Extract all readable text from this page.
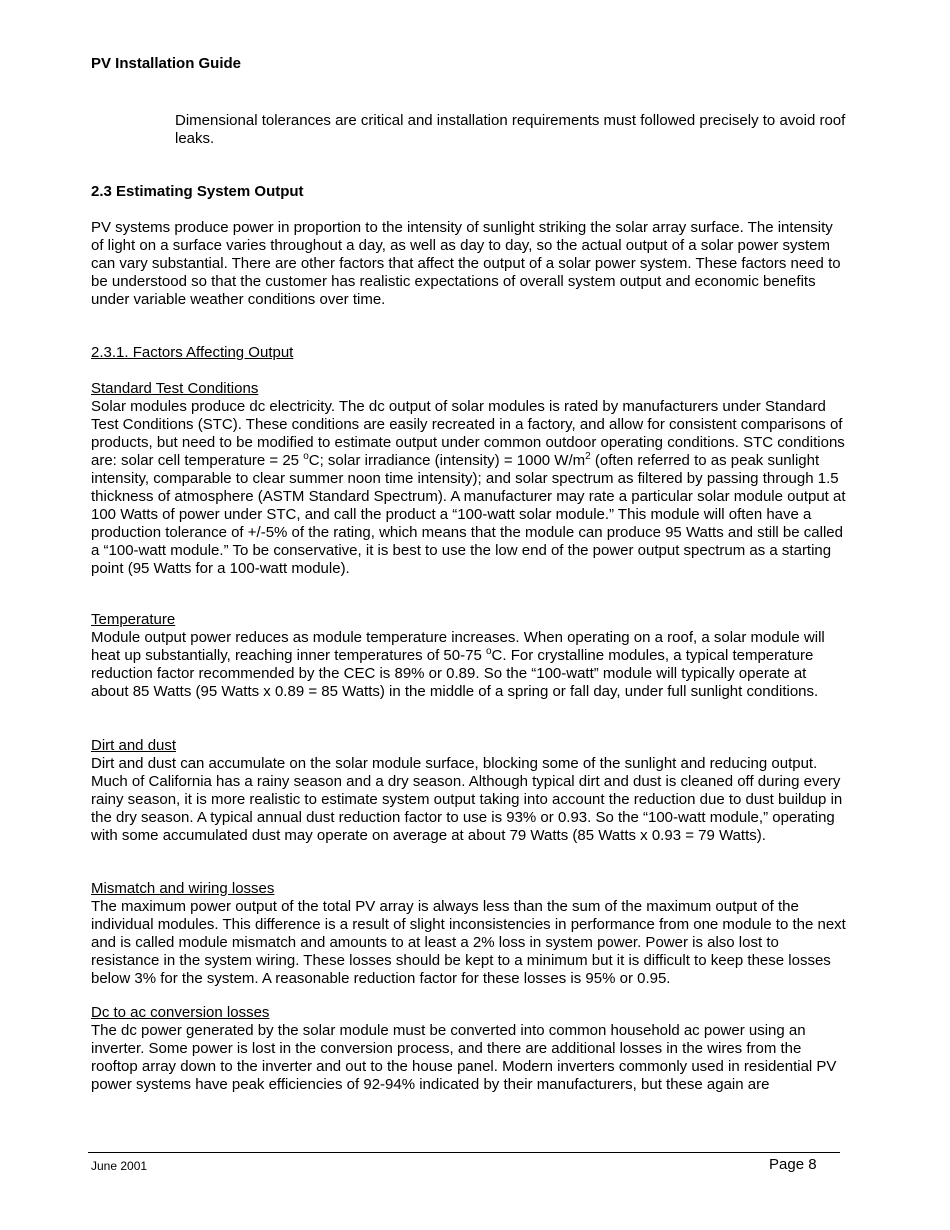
PV Installation Guide
Dimensional tolerances are critical and installation requirements must followed precisely to avoid roof leaks.
2.3 Estimating System Output

PV systems produce power in proportion to the intensity of sunlight striking the solar array surface. The intensity of light on a surface varies throughout a day, as well as day to day, so the actual output of a solar power system can vary substantial. There are other factors that affect the output of a solar power system. These factors need to be understood so that the customer has realistic expectations of overall system output and economic benefits under variable weather conditions over time.

2.3.1. Factors Affecting Output
Standard Test Conditions
Solar modules produce dc electricity. The dc output of solar modules is rated by manufacturers under Standard Test Conditions (STC). These conditions are easily recreated in a factory, and allow for consistent comparisons of products, but need to be modified to estimate output under common outdoor operating conditions. STC conditions are: solar cell temperature = 25 $^o$C; solar irradiance (intensity) = 1000 $W/m^2$ (often referred to as peak sunlight intensity, comparable to clear summer noon time intensity); and solar spectrum as filtered by passing through 1.5 thickness of atmosphere (ASTM Standard Spectrum). A manufacturer may rate a particular solar module output at 100 Watts of power under STC, and call the product a “100-watt solar module.” This module will often have a production tolerance of +/-5% of the rating, which means that the module can produce 95 Watts and still be called a “100-watt module.” To be conservative, it is best to use the low end of the power output spectrum as a starting point (95 Watts for a 100-watt module).
Temperature
Module output power reduces as module temperature increases. When operating on a roof, a solar module will heat up substantially, reaching inner temperatures of 50-75 $^o$C. For crystalline modules, a typical temperature reduction factor recommended by the CEC is 89% or 0.89. So the “100-watt” module will typically operate at about 85 Watts (95 Watts x 0.89 = 85 Watts) in the middle of a spring or fall day, under full sunlight conditions.
Dirt and dust
Dirt and dust can accumulate on the solar module surface, blocking some of the sunlight and reducing output. Much of California has a rainy season and a dry season. Although typical dirt and dust is cleaned off during every rainy season, it is more realistic to estimate system output taking into account the reduction due to dust buildup in the dry season. A typical annual dust reduction factor to use is 93% or 0.93. So the “100-watt module,” operating with some accumulated dust may operate on average at about 79 Watts (85 Watts x 0.93 = 79 Watts).
Mismatch and wiring losses
The maximum power output of the total PV array is always less than the sum of the maximum output of the individual modules. This difference is a result of slight inconsistencies in performance from one module to the next and is called module mismatch and amounts to at least a 2% loss in system power. Power is also lost to resistance in the system wiring. These losses should be kept to a minimum but it is difficult to keep these losses below 3% for the system. A reasonable reduction factor for these losses is 95% or 0.95.
Dc to ac conversion losses
The dc power generated by the solar module must be converted into common household ac power using an inverter. Some power is lost in the conversion process, and there are additional losses in the wires from the rooftop array down to the inverter and out to the house panel. Modern inverters commonly used in residential PV power systems have peak efficiencies of 92-94% indicated by their manufacturers, but these again are
June 2001	Page 8
